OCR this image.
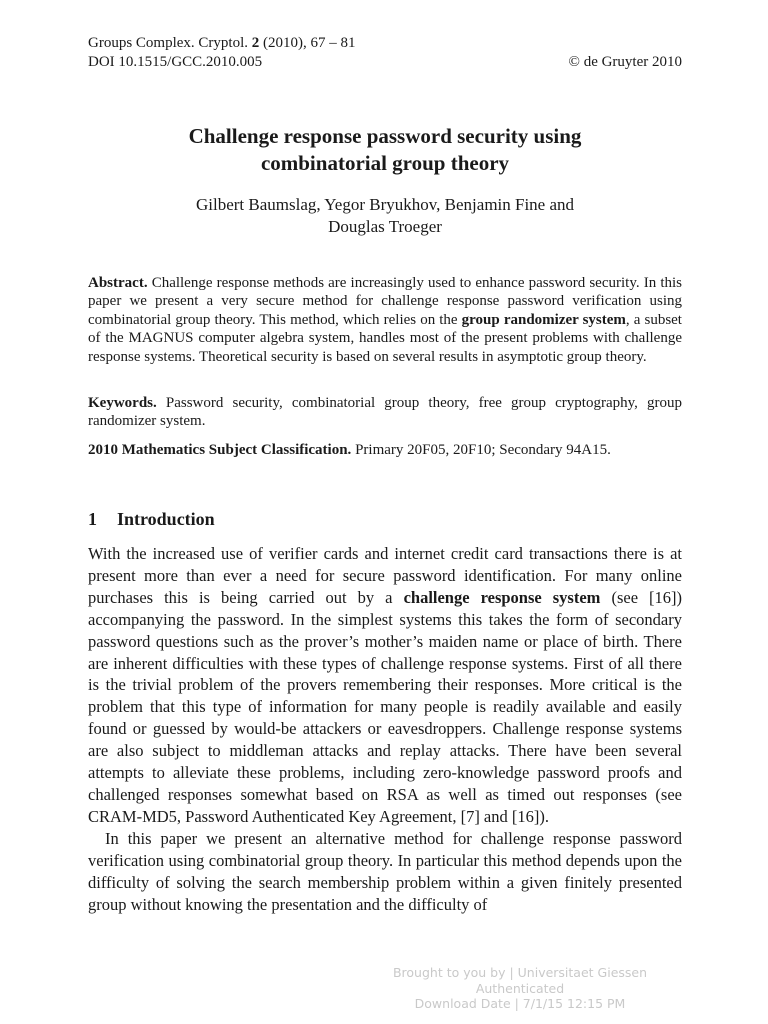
Groups Complex. Cryptol. 2 (2010), 67 – 81
DOI 10.1515/GCC.2010.005	© de Gruyter 2010
Challenge response password security using
combinatorial group theory
Gilbert Baumslag, Yegor Bryukhov, Benjamin Fine and
Douglas Troeger
Abstract. Challenge response methods are increasingly used to enhance password security. In this paper we present a very secure method for challenge response password verification using combinatorial group theory. This method, which relies on the group randomizer system, a subset of the MAGNUS computer algebra system, handles most of the present problems with challenge response systems. Theoretical security is based on several results in asymptotic group theory.
Keywords. Password security, combinatorial group theory, free group cryptography, group randomizer system.
2010 Mathematics Subject Classification. Primary 20F05, 20F10; Secondary 94A15.
1 Introduction

With the increased use of verifier cards and internet credit card transactions there is at present more than ever a need for secure password identification. For many online purchases this is being carried out by a challenge response system (see [16]) accompanying the password. In the simplest systems this takes the form of secondary password questions such as the prover’s mother’s maiden name or place of birth. There are inherent difficulties with these types of challenge response systems. First of all there is the trivial problem of the provers remembering their responses. More critical is the problem that this type of information for many people is readily available and easily found or guessed by would-be attackers or eavesdroppers. Challenge response systems are also subject to middleman attacks and replay attacks. There have been several attempts to alleviate these problems, including zero-knowledge password proofs and challenged responses somewhat based on RSA as well as timed out responses (see CRAM-MD5, Password Authenticated Key Agreement, [7] and [16]).

In this paper we present an alternative method for challenge response password verification using combinatorial group theory. In particular this method depends upon the difficulty of solving the search membership problem within a given finitely presented group without knowing the presentation and the difficulty of

Brought to you by | Universitaet Giessen
Authenticated
Download Date | 7/1/15 12:15 PM
